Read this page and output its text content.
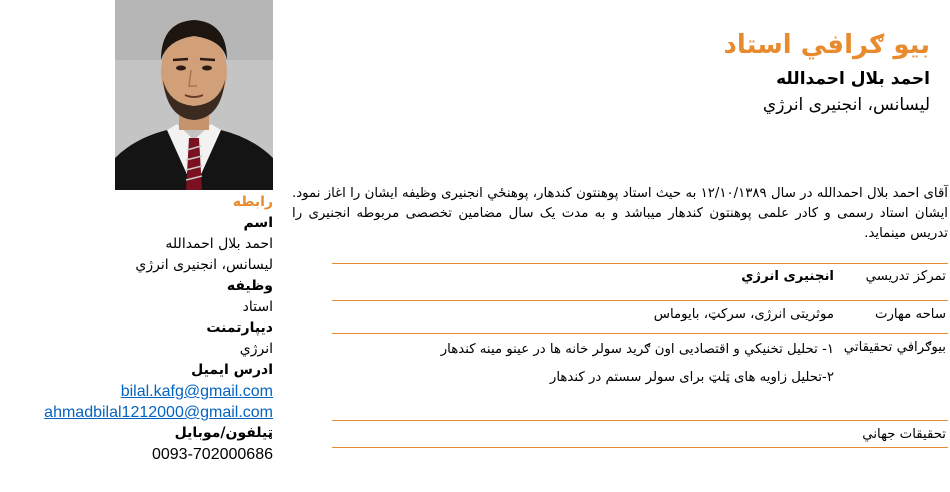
رابطه
اسم
احمد بلال احمدالله
لیسانس، انجنیری انرژي
وظیفه
استاد
دیپارتمنت
انرژي
ادرس ایمیل
bilal.kafg@gmail.com
ahmadbilal1212000@gmail.com
ټیلفون/موبایل
0093-702000686
بيو ګرافي استاد
احمد بلال احمدالله
لیسانس، انجنیری انرژي
آقای احمد بلال احمدالله در سال ۱۲/۱۰/۱۳۸۹ به حیث استاد پوهنتون کندهار، پوهنځي انجنیری وظیفه ایشان را اغاز نمود. ایشان استاد رسمی و کادر علمی پوهنتون کندهار میباشد و به مدت یک سال مضامین تخصصی مربوطه انجنیری را تدریس مینماید.
تمرکز تدریسي
انجنیری انرژي
ساحه مهارت
موثریتی انرژی، سرکټ، بایوماس
بیوګرافي تحقیقاتي
۱- تحلیل تخنیکي و اقتصادیی اون ګرید سولر خانه ها در عینو مینه کندهار
۲-تحلیل زاویه های ټلټ برای سولر سستم در کندهار
تحقیقات جهاني
